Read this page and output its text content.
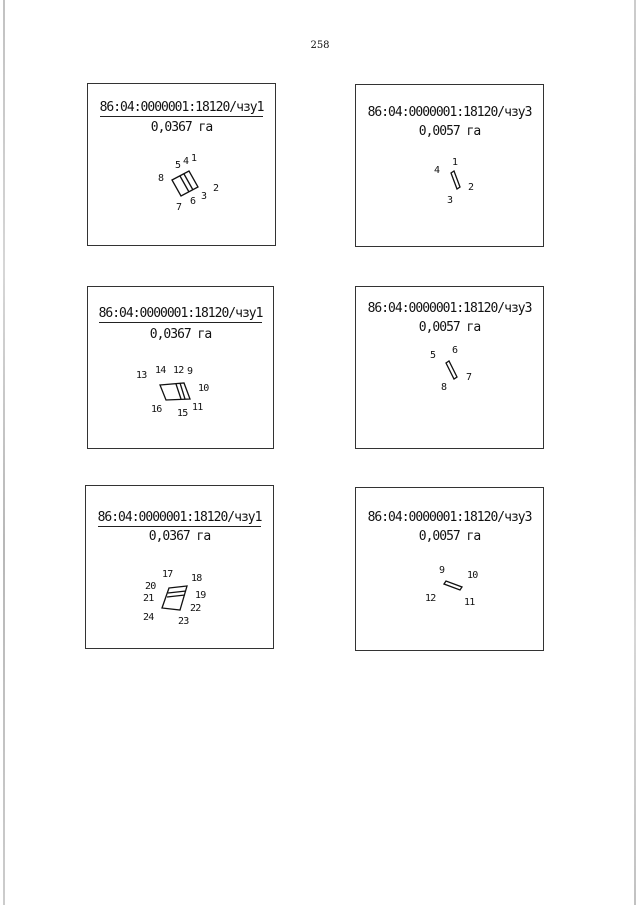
258
86:04:0000001:18120/чзу1
0,0367 га
1
2
3
4
5
6
7
8
86:04:0000001:18120/чзу3
0,0057 га
1
2
3
4
86:04:0000001:18120/чзу1
0,0367 га
9
10
11
12
13 14
15
16
86:04:0000001:18120/чзу3
0,0057 га
5 6
7
8
86:04:0000001:18120/чзу1
0,0367 га
17 18
19
20
21
22
23
24
86:04:0000001:18120/чзу3
0,0057 га
9 10
11
12
